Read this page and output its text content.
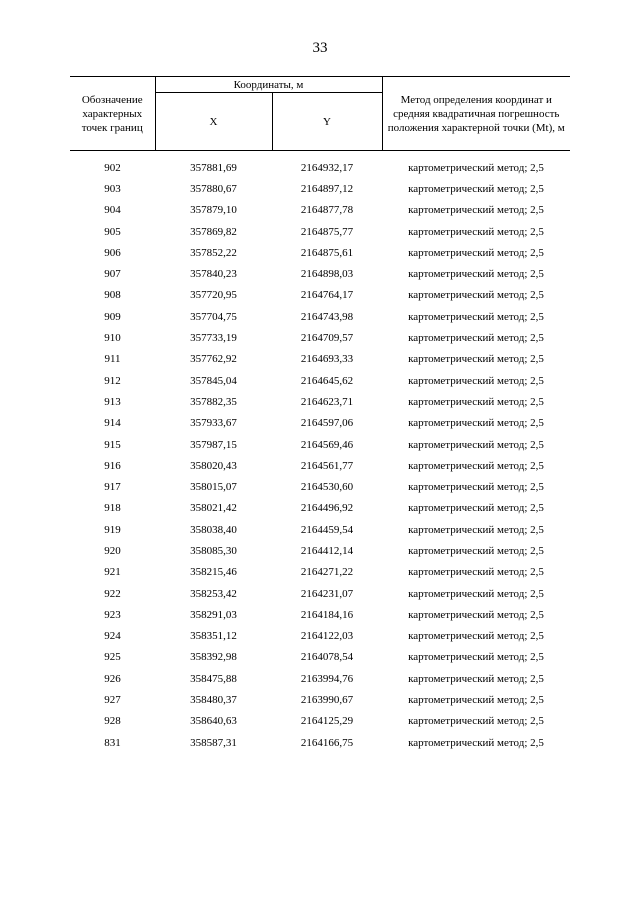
33
Обозначение характерных точек границ	Координаты, м		Метод определения координат и средняя квадратичная погрешность положения характерной точки (Mt), м
	X	Y	
902	357881,69	2164932,17	картометрический метод; 2,5
903	357880,67	2164897,12	картометрический метод; 2,5
904	357879,10	2164877,78	картометрический метод; 2,5
905	357869,82	2164875,77	картометрический метод; 2,5
906	357852,22	2164875,61	картометрический метод; 2,5
907	357840,23	2164898,03	картометрический метод; 2,5
908	357720,95	2164764,17	картометрический метод; 2,5
909	357704,75	2164743,98	картометрический метод; 2,5
910	357733,19	2164709,57	картометрический метод; 2,5
911	357762,92	2164693,33	картометрический метод; 2,5
912	357845,04	2164645,62	картометрический метод; 2,5
913	357882,35	2164623,71	картометрический метод; 2,5
914	357933,67	2164597,06	картометрический метод; 2,5
915	357987,15	2164569,46	картометрический метод; 2,5
916	358020,43	2164561,77	картометрический метод; 2,5
917	358015,07	2164530,60	картометрический метод; 2,5
918	358021,42	2164496,92	картометрический метод; 2,5
919	358038,40	2164459,54	картометрический метод; 2,5
920	358085,30	2164412,14	картометрический метод; 2,5
921	358215,46	2164271,22	картометрический метод; 2,5
922	358253,42	2164231,07	картометрический метод; 2,5
923	358291,03	2164184,16	картометрический метод; 2,5
924	358351,12	2164122,03	картометрический метод; 2,5
925	358392,98	2164078,54	картометрический метод; 2,5
926	358475,88	2163994,76	картометрический метод; 2,5
927	358480,37	2163990,67	картометрический метод; 2,5
928	358640,63	2164125,29	картометрический метод; 2,5
831	358587,31	2164166,75	картометрический метод; 2,5
